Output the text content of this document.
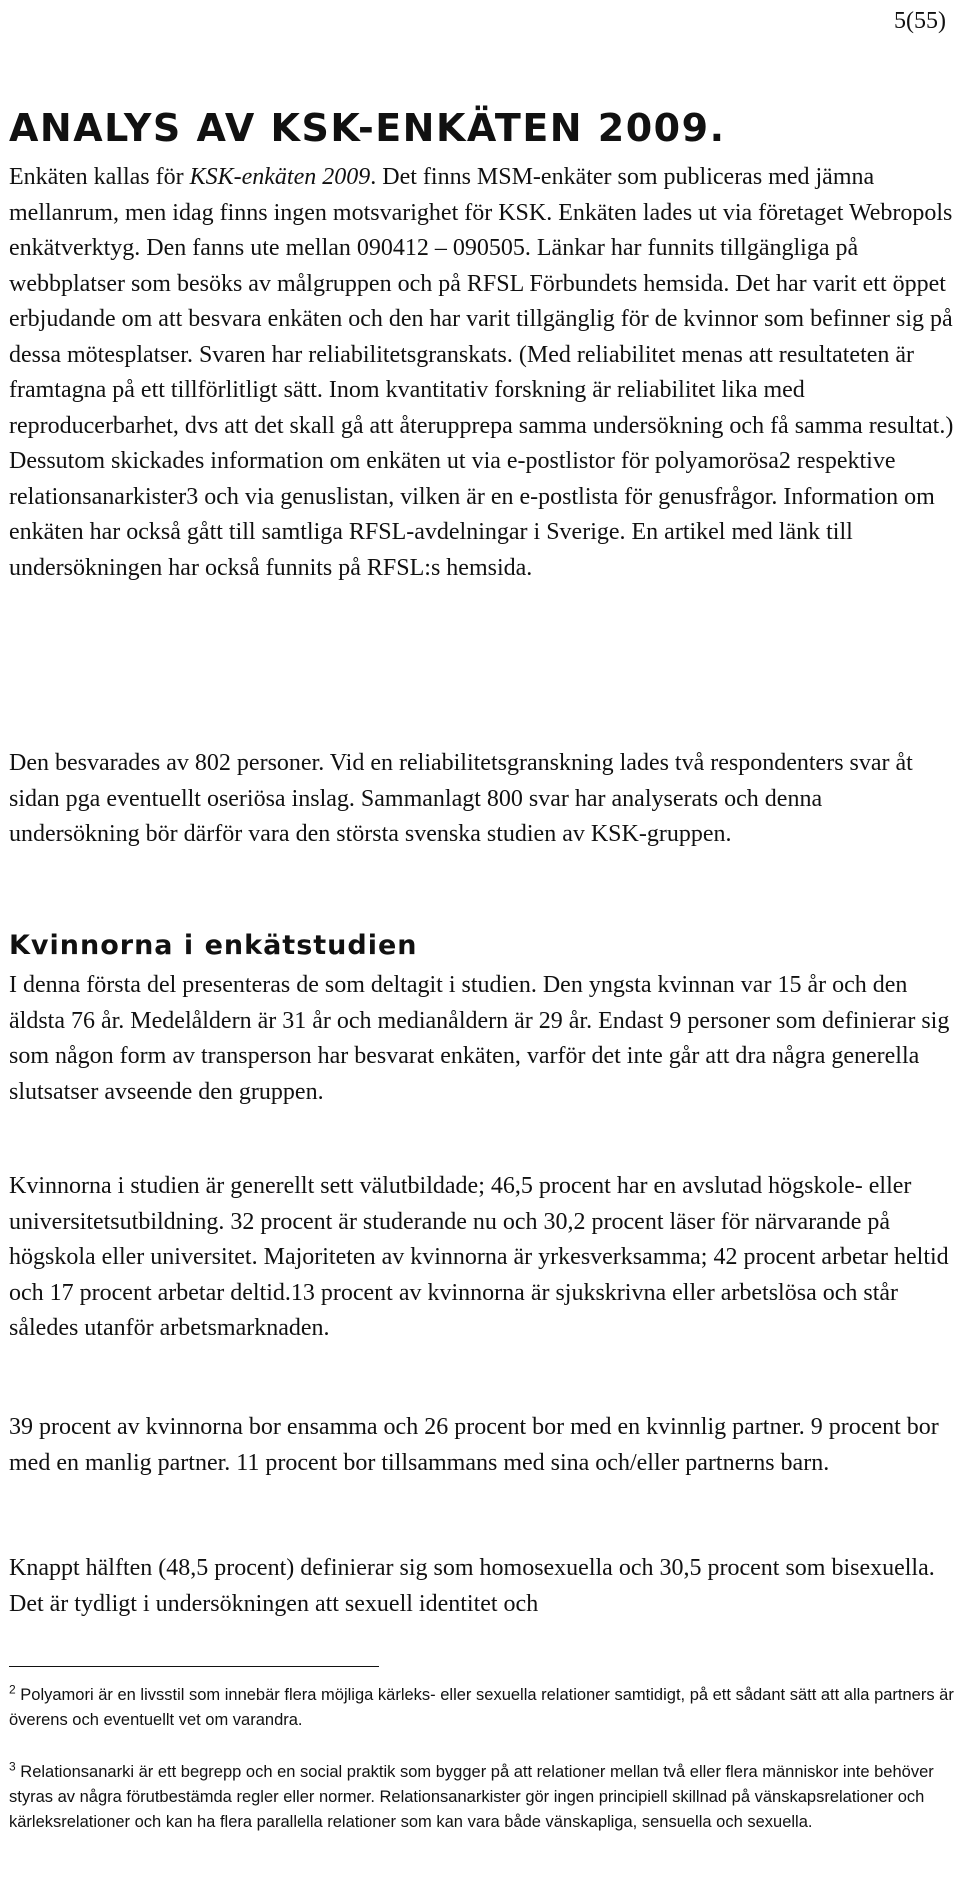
5(55)
ANALYS AV KSK-ENKÄTEN 2009.

Enkäten kallas för KSK-enkäten 2009. Det finns MSM-enkäter som publiceras med jämna mellanrum, men idag finns ingen motsvarighet för KSK. Enkäten lades ut via företaget Webropols enkätverktyg. Den fanns ute mellan 090412 – 090505. Länkar har funnits tillgängliga på webbplatser som besöks av målgruppen och på RFSL Förbundets hemsida. Det har varit ett öppet erbjudande om att besvara enkäten och den har varit tillgänglig för de kvinnor som befinner sig på dessa mötesplatser. Svaren har reliabilitetsgranskats. (Med reliabilitet menas att resultateten är framtagna på ett tillförlitligt sätt. Inom kvantitativ forskning är reliabilitet lika med reproducerbarhet, dvs att det skall gå att återupprepa samma undersökning och få samma resultat.) Dessutom skickades information om enkäten ut via e-postlistor för polyamorösa2 respektive relationsanarkister3 och via genuslistan, vilken är en e-postlista för genusfrågor. Information om enkäten har också gått till samtliga RFSL-avdelningar i Sverige. En artikel med länk till undersökningen har också funnits på RFSL:s hemsida.

Den besvarades av 802 personer. Vid en reliabilitetsgranskning lades två respondenters svar åt sidan pga eventuellt oseriösa inslag. Sammanlagt 800 svar har analyserats och denna undersökning bör därför vara den största svenska studien av KSK-gruppen.

Kvinnorna i enkätstudien

I denna första del presenteras de som deltagit i studien. Den yngsta kvinnan var 15 år och den äldsta 76 år. Medelåldern är 31 år och medianåldern är 29 år. Endast 9 personer som definierar sig som någon form av transperson har besvarat enkäten, varför det inte går att dra några generella slutsatser avseende den gruppen.

Kvinnorna i studien är generellt sett välutbildade; 46,5 procent har en avslutad högskole- eller universitetsutbildning. 32 procent är studerande nu och 30,2 procent läser för närvarande på högskola eller universitet. Majoriteten av kvinnorna är yrkesverksamma; 42 procent arbetar heltid och 17 procent arbetar deltid.13 procent av kvinnorna är sjukskrivna eller arbetslösa och står således utanför arbetsmarknaden.

39 procent av kvinnorna bor ensamma och 26 procent bor med en kvinnlig partner. 9 procent bor med en manlig partner. 11 procent bor tillsammans med sina och/eller partnerns barn.

Knappt hälften (48,5 procent) definierar sig som homosexuella och 30,5 procent som bisexuella. Det är tydligt i undersökningen att sexuell identitet och

$^2$ Polyamori är en livsstil som innebär flera möjliga kärleks- eller sexuella relationer samtidigt, på ett sådant sätt att alla partners är överens och eventuellt vet om varandra.
$^3$ Relationsanarki är ett begrepp och en social praktik som bygger på att relationer mellan två eller flera människor inte behöver styras av några förutbestämda regler eller normer. Relationsanarkister gör ingen principiell skillnad på vänskapsrelationer och kärleksrelationer och kan ha flera parallella relationer som kan vara både vänskapliga, sensuella och sexuella.
